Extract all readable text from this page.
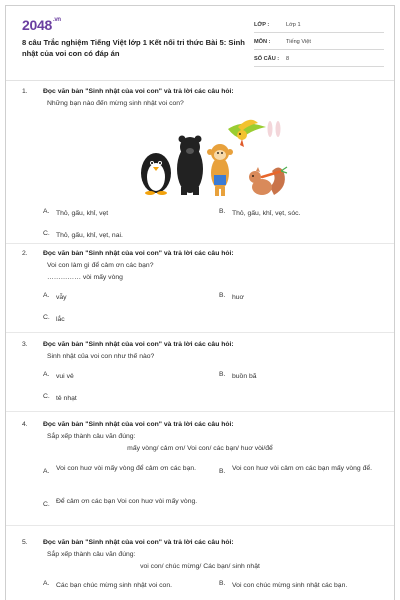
$2048^{.vn}$
8 câu Trắc nghiệm Tiếng Việt lớp 1 Kết nối tri thức Bài 5: Sinh nhật của voi con có đáp án
LỚP :	Lớp 1
MÔN :	Tiếng Việt
SỐ CÂU :	8
1. Đọc văn bản "Sinh nhật của voi con" và trả lời các câu hỏi:
Những bạn nào đến mừng sinh nhật voi con?
A. Thỏ, gấu, khỉ, vẹt	B. Thỏ, gấu, khỉ, vẹt, sóc.
C. Thỏ, gấu, khỉ, vẹt, nai.
2. Đọc văn bản "Sinh nhật của voi con" và trả lời các câu hỏi:
Voi con làm gì để cảm ơn các bạn?
…………… vòi mấy vòng
A. vẫy	B. huơ
C. lắc
3. Đọc văn bản "Sinh nhật của voi con" và trả lời các câu hỏi:
Sinh nhật của voi con như thế nào?
A. vui vẻ	B. buồn bã
C. tẻ nhạt
4. Đọc văn bản "Sinh nhật của voi con" và trả lời các câu hỏi:
Sắp xếp thành câu văn đúng:
mấy vòng/ cảm ơn/ Voi con/ các bạn/ huơ vòi/để
A. Voi con huơ vòi mấy vòng để cảm ơn các bạn.	B. Voi con huơ vòi cảm ơn các bạn mấy vòng để.
C. Để cảm ơn các bạn Voi con huơ vòi mấy vòng.
5. Đọc văn bản "Sinh nhật của voi con" và trả lời các câu hỏi:
Sắp xếp thành câu văn đúng:
voi con/ chúc mừng/ Các bạn/ sinh nhật
A. Các bạn chúc mừng sinh nhật voi con.	B. Voi con chúc mừng sinh nhật các bạn.
